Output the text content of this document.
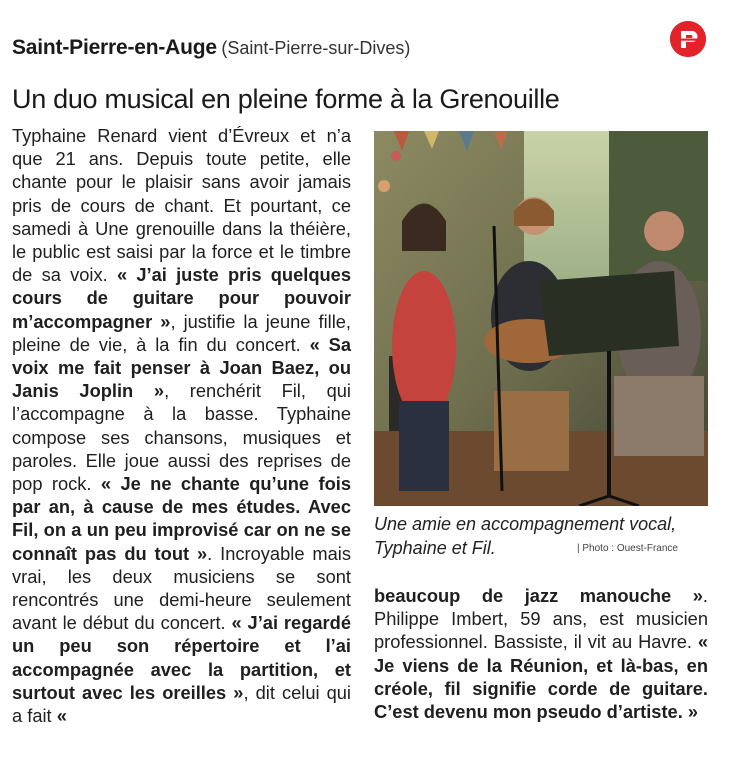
Saint-Pierre-en-Auge (Saint-Pierre-sur-Dives)
Un duo musical en pleine forme à la Grenouille

Typhaine Renard vient d’Évreux et n’a que 21 ans. Depuis toute petite, elle chante pour le plaisir sans avoir jamais pris de cours de chant. Et pourtant, ce samedi à Une grenouille dans la théière, le public est saisi par la force et le timbre de sa voix. « J’ai juste pris quelques cours de guitare pour pouvoir m’accompagner », justifie la jeune fille, pleine de vie, à la fin du concert. « Sa voix me fait penser à Joan Baez, ou Janis Joplin », renchérit Fil, qui l’accompagne à la basse. Typhaine compose ses chansons, musiques et paroles. Elle joue aussi des reprises de pop rock. « Je ne chante qu’une fois par an, à cause de mes études. Avec Fil, on a un peu improvisé car on ne se connaît pas du tout ». Incroyable mais vrai, les deux musiciens se sont rencontrés une demi-heure seulement avant le début du concert. « J’ai regardé un peu son répertoire et l’ai accompagnée avec la partition, et surtout avec les oreilles », dit celui qui a fait «

Une amie en accompagnement vocal, Typhaine et Fil.	| Photo : Ouest-France

beaucoup de jazz manouche ». Philippe Imbert, 59 ans, est musicien professionnel. Bassiste, il vit au Havre. « Je viens de la Réunion, et là-bas, en créole, fil signifie corde de guitare. C’est devenu mon pseudo d’artiste. »
